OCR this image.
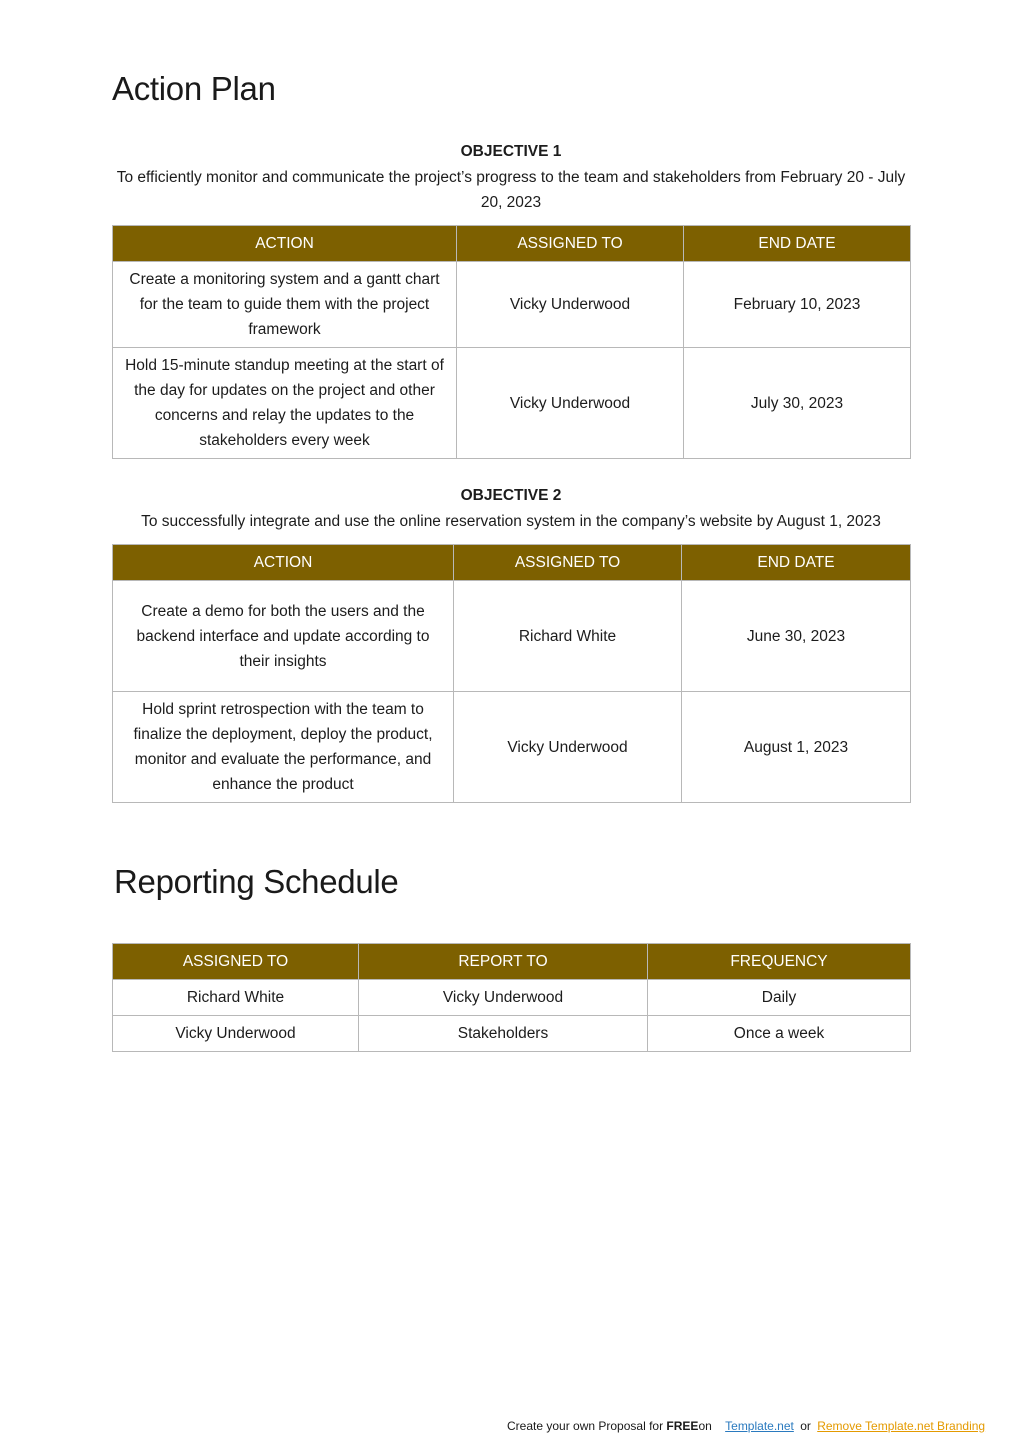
Action Plan
OBJECTIVE 1
To efficiently monitor and communicate the project’s progress to the team and stakeholders from February 20 - July 20, 2023
ACTION	ASSIGNED TO	END DATE
Create a monitoring system and a gantt chart for the team to guide them with the project framework	Vicky Underwood	February 10, 2023
Hold 15-minute standup meeting at the start of the day for updates on the project and other concerns and relay the updates to the stakeholders every week	Vicky Underwood	July 30, 2023
OBJECTIVE 2
To successfully integrate and use the online reservation system in the company’s website by August 1, 2023
ACTION	ASSIGNED TO	END DATE
Create a demo for both the users and the backend interface and update according to their insights	Richard White	June 30, 2023
Hold sprint retrospection with the team to finalize the deployment, deploy the product, monitor and evaluate the performance, and enhance the product	Vicky Underwood	August 1, 2023
Reporting Schedule
ASSIGNED TO	REPORT TO	FREQUENCY
Richard White	Vicky Underwood	Daily
Vicky Underwood	Stakeholders	Once a week
Create your own Proposal for FREEon Template.net or Remove Template.net Branding
